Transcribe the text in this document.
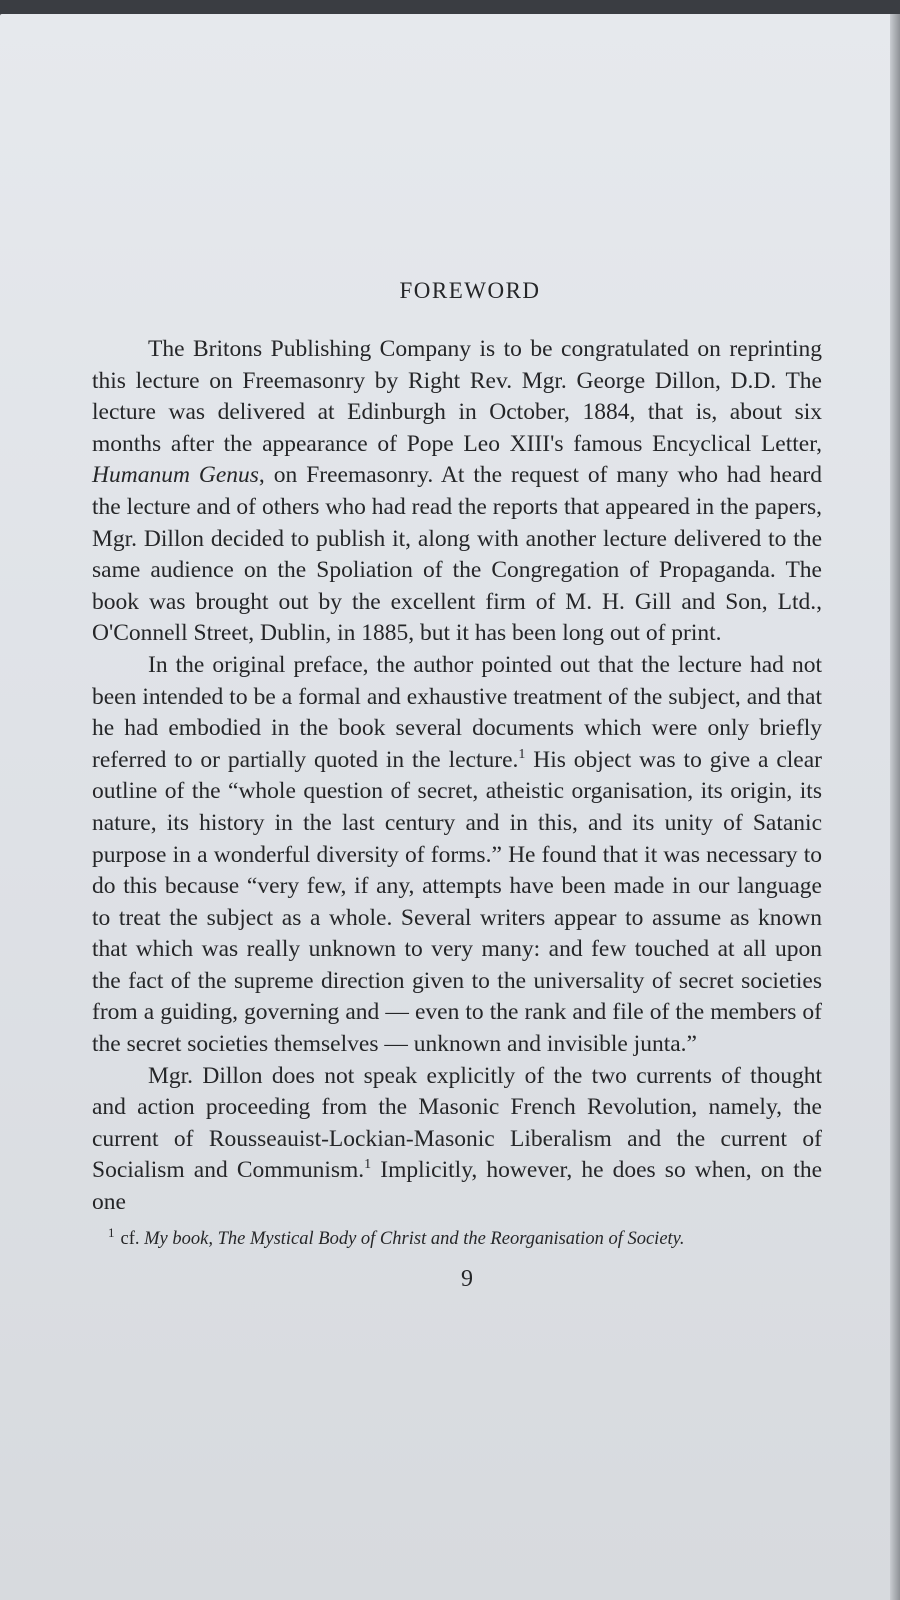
FOREWORD

The Britons Publishing Company is to be congratulated on reprinting this lecture on Freemasonry by Right Rev. Mgr. George Dillon, D.D. The lecture was delivered at Edinburgh in October, 1884, that is, about six months after the appearance of Pope Leo XIII's famous Encyclical Letter, Humanum Genus, on Freemasonry. At the request of many who had heard the lecture and of others who had read the reports that appeared in the papers, Mgr. Dillon decided to publish it, along with another lecture delivered to the same audience on the Spoliation of the Congregation of Propaganda. The book was brought out by the excellent firm of M. H. Gill and Son, Ltd., O'Connell Street, Dublin, in 1885, but it has been long out of print.

In the original preface, the author pointed out that the lecture had not been intended to be a formal and exhaustive treatment of the subject, and that he had embodied in the book several documents which were only briefly referred to or partially quoted in the lecture.$^1$ His object was to give a clear outline of the “whole question of secret, atheistic organisation, its origin, its nature, its history in the last century and in this, and its unity of Satanic purpose in a wonderful diversity of forms.” He found that it was necessary to do this because “very few, if any, attempts have been made in our language to treat the subject as a whole. Several writers appear to assume as known that which was really unknown to very many: and few touched at all upon the fact of the supreme direction given to the universality of secret societies from a guiding, governing and — even to the rank and file of the members of the secret societies themselves — unknown and invisible junta.”

Mgr. Dillon does not speak explicitly of the two currents of thought and action proceeding from the Masonic French Revolution, namely, the current of Rousseauist-Lockian-Masonic Liberalism and the current of Socialism and Communism.$^1$ Implicitly, however, he does so when, on the one

$^1$ cf. My book, The Mystical Body of Christ and the Reorganisation of Society.
9
